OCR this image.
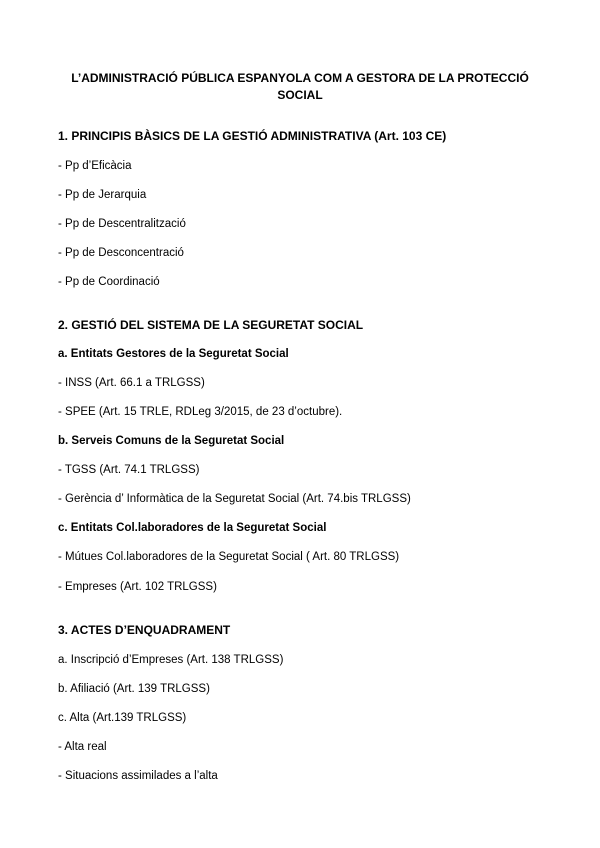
L’ADMINISTRACIÓ PÚBLICA ESPANYOLA COM A GESTORA DE LA PROTECCIÓ
SOCIAL
1. PRINCIPIS BÀSICS DE LA GESTIÓ ADMINISTRATIVA (Art. 103 CE)
- Pp d’Eficàcia
- Pp de Jerarquia
- Pp de Descentralització
- Pp de Desconcentració
- Pp de Coordinació
2. GESTIÓ DEL SISTEMA DE LA SEGURETAT SOCIAL
a. Entitats Gestores de la Seguretat Social
- INSS (Art. 66.1 a TRLGSS)
- SPEE (Art. 15 TRLE, RDLeg 3/2015, de 23 d’octubre).
b. Serveis Comuns de la Seguretat Social
- TGSS (Art. 74.1 TRLGSS)
- Gerència d’ Informàtica de la Seguretat Social (Art. 74.bis TRLGSS)
c. Entitats Col.laboradores de la Seguretat Social
- Mútues Col.laboradores de la Seguretat Social ( Art. 80 TRLGSS)
- Empreses (Art. 102 TRLGSS)
3. ACTES D’ENQUADRAMENT
a. Inscripció d’Empreses (Art. 138 TRLGSS)
b. Afiliació (Art. 139 TRLGSS)
c. Alta (Art.139 TRLGSS)
- Alta real
- Situacions assimilades a l’alta
